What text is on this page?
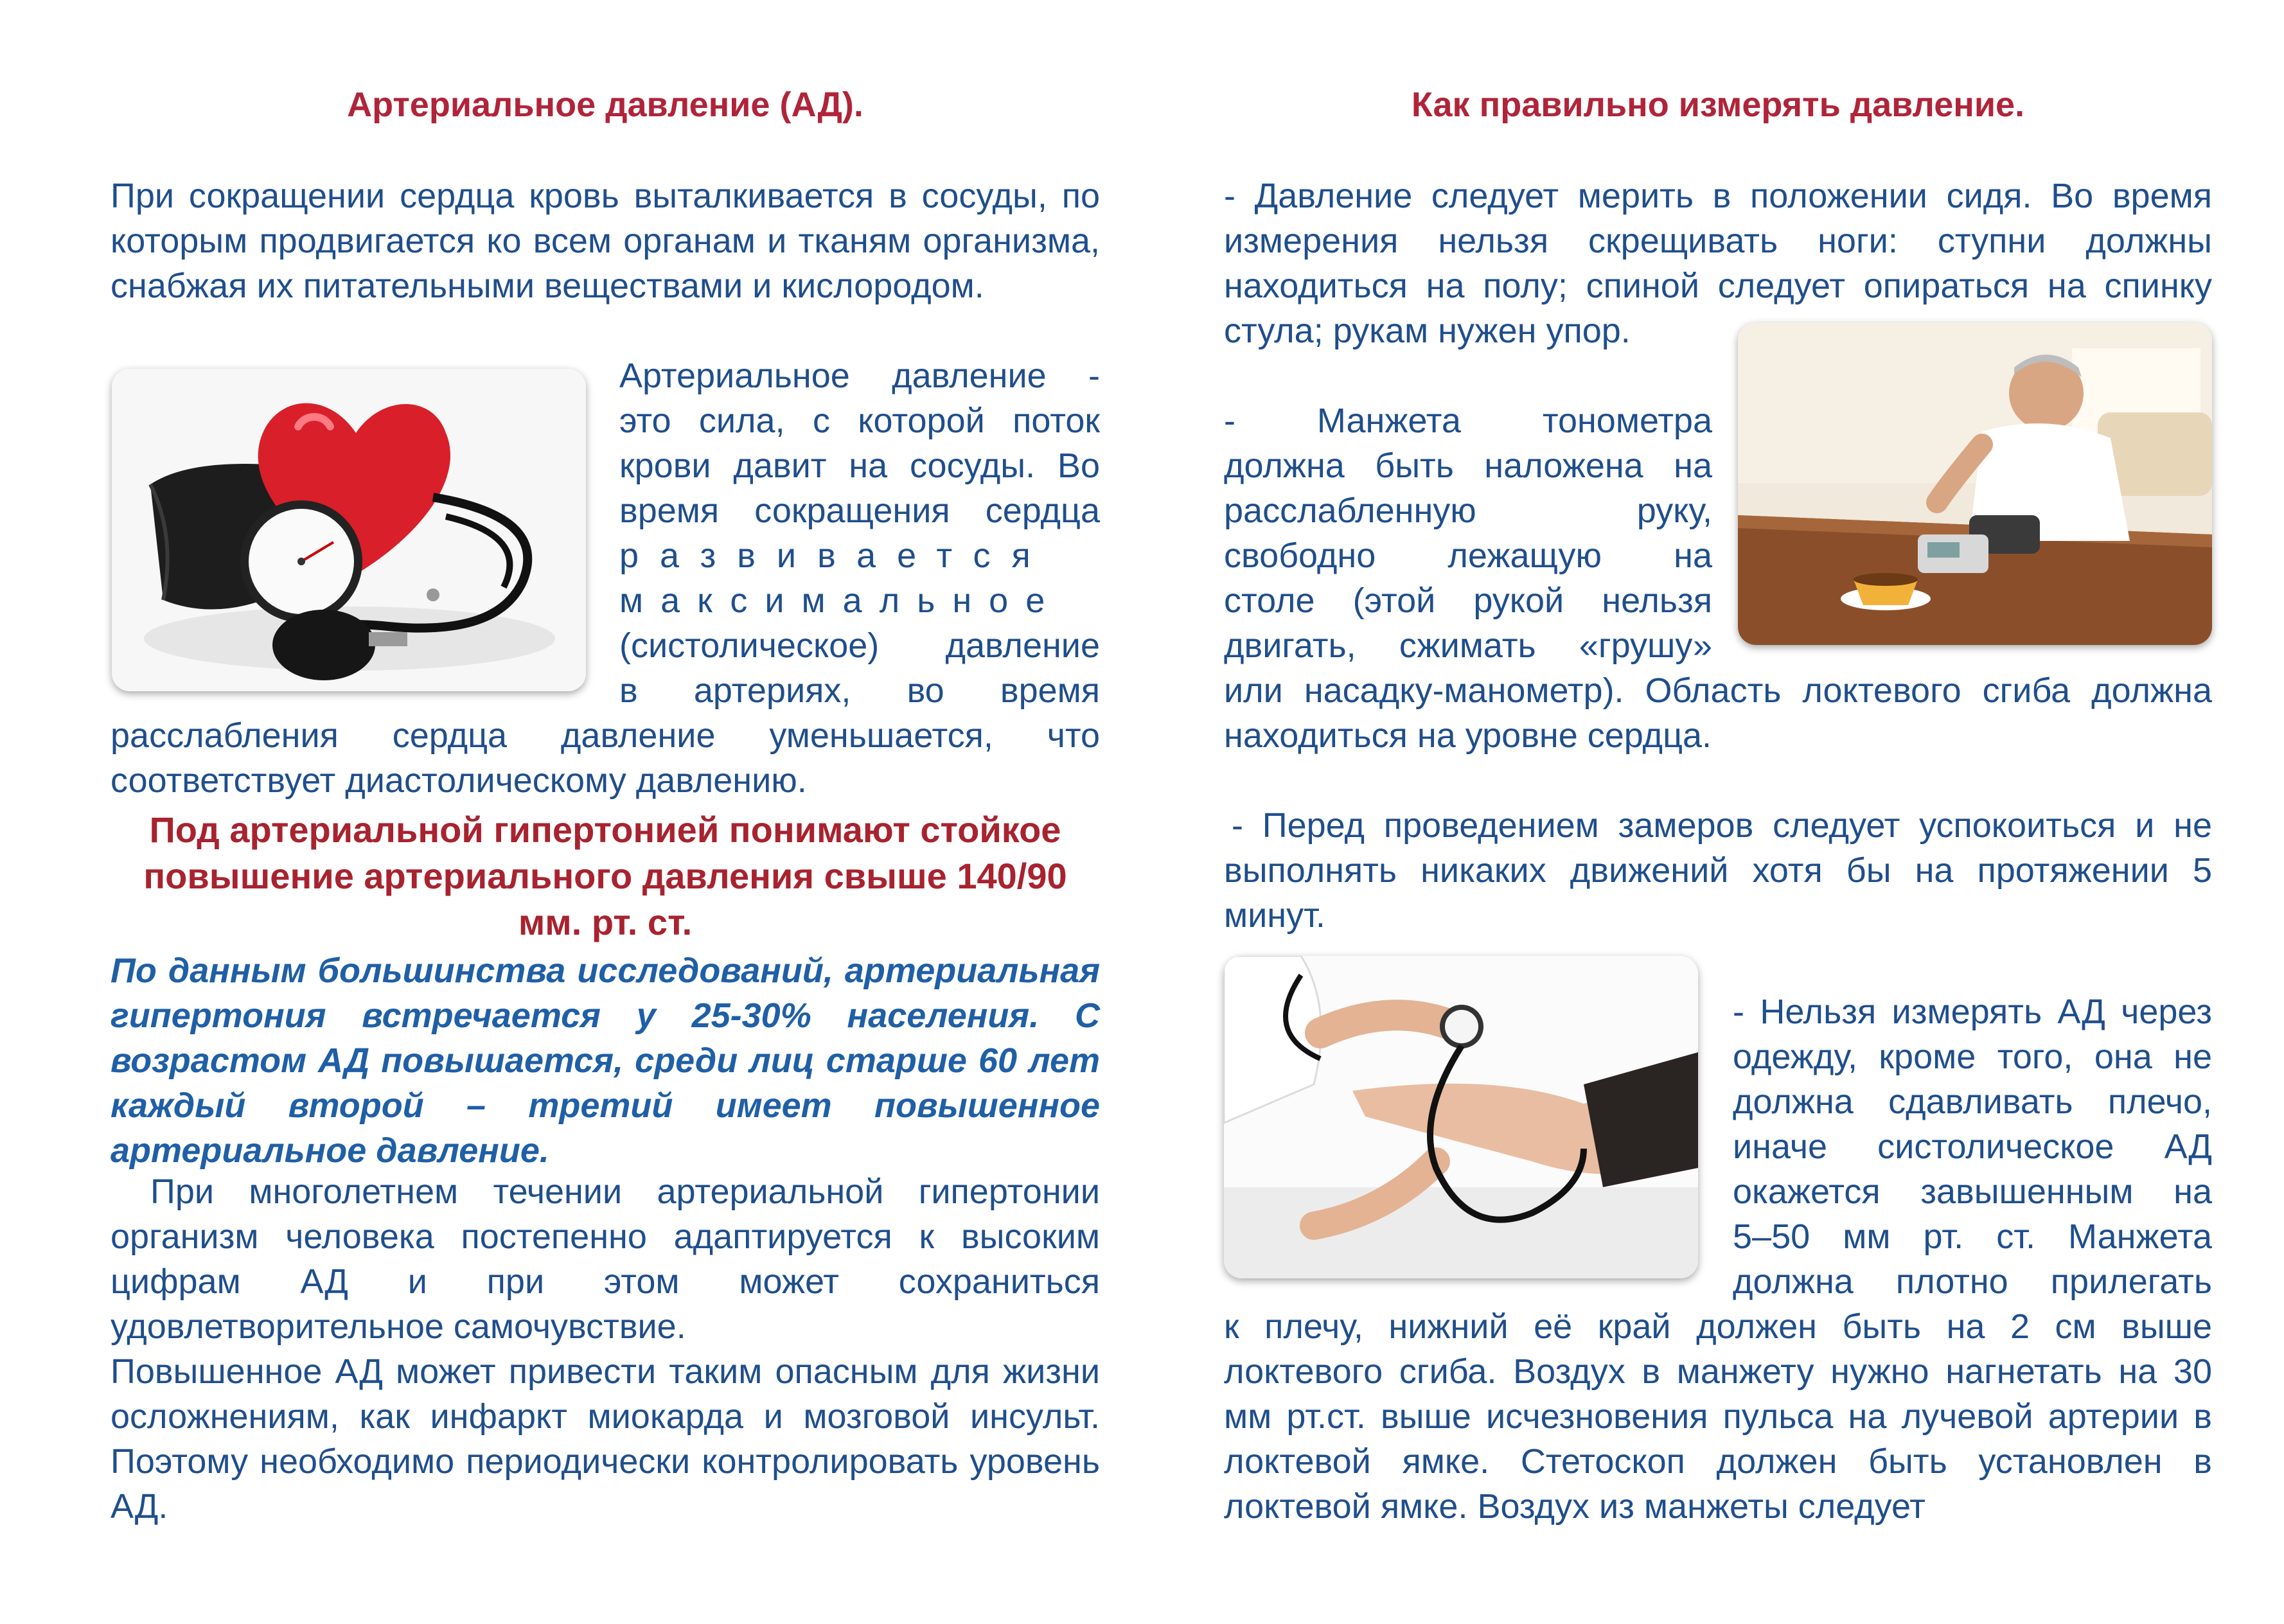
Артериальное давление (АД).
При сокращении сердца кровь выталкивается в сосуды, по которым продвигается ко всем органам и тканям организма, снабжая их питательными веществами и кислородом.

Артериальное давление -

это сила, с которой поток

крови давит на сосуды. Во

время сокращения сердца

развивается

максимальное

(систолическое) давление

в артериях, во время

расслабления сердца давление уменьшается, что соответствует диастолическому давлению.
Под артериальной гипертонией понимают стойкое повышение артериального давления свыше 140/90 мм. рт. ст.
По данным большинства исследований, артериальная гипертония встречается у 25-30% населения. С возрастом АД повышается, среди лиц старше 60 лет каждый второй – третий имеет повышенное артериальное давление.
При многолетнем течении артериальной гипертонии организм человека постепенно адаптируется к высоким цифрам АД и при этом может сохраниться удовлетворительное самочувствие.
Повышенное АД может привести таким опасным для жизни осложнениям, как инфаркт миокарда и мозговой инсульт. Поэтому необходимо периодически контролировать уровень АД.
Как правильно измерять давление.
- Давление следует мерить в положении сидя. Во время измерения нельзя скрещивать ноги: ступни должны находиться на полу; спиной следует опираться на спинку стула; рукам нужен упор.

- Манжета тонометра

должна быть наложена на

расслабленную руку,

свободно лежащую на

столе (этой рукой нельзя

двигать, сжимать «грушу»

или насадку-манометр). Область локтевого сгиба должна находиться на уровне сердца.
- Перед проведением замеров следует успокоиться и не выполнять никаких движений хотя бы на протяжении 5 минут.

- Нельзя измерять АД через

одежду, кроме того, она не

должна сдавливать плечо,

иначе систолическое АД

окажется завышенным на

5–50 мм рт. ст. Манжета

должна плотно прилегать

к плечу, нижний её край должен быть на 2 см выше локтевого сгиба. Воздух в манжету нужно нагнетать на 30 мм рт.ст. выше исчезновения пульса на лучевой артерии в локтевой ямке. Стетоскоп должен быть установлен в локтевой ямке. Воздух из манжеты следует
